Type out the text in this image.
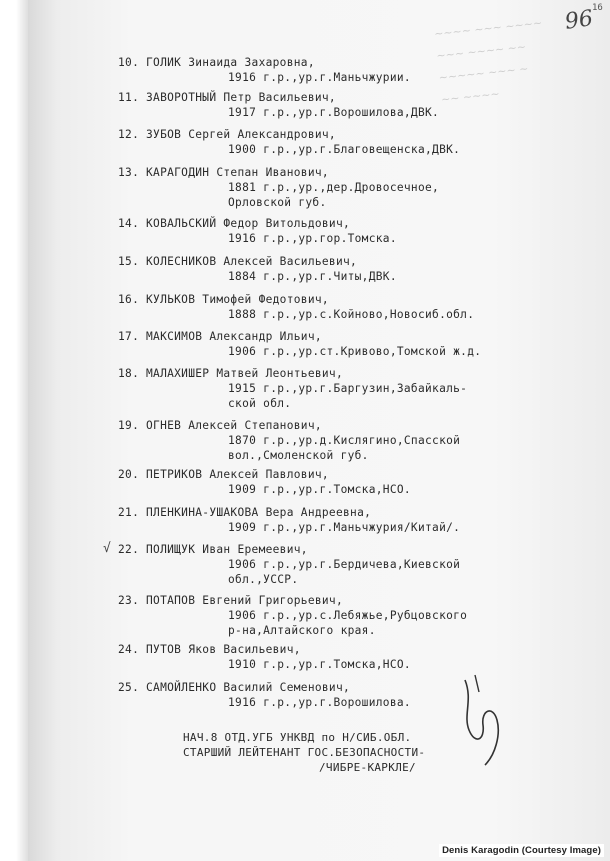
~~~~ ~~~ ~~~~
~~~ ~~~~ ~~
~~~~~ ~~~ ~
~~ ~~~~
96
16
10. ГОЛИК Зинаида Захаровна,
1916 г.р.,ур.г.Маньчжурии.
11. ЗАВОРОТНЫЙ Петр Васильевич,
1917 г.р.,ур.г.Ворошилова,ДВК.
12. ЗУБОВ Сергей Александрович,
1900 г.р.,ур.г.Благовещенска,ДВК.
13. КАРАГОДИН Степан Иванович,
1881 г.р.,ур.,дер.Дровосечное,
Орловской губ.
14. КОВАЛЬСКИЙ Федор Витольдович,
1916 г.р.,ур.гор.Томска.
15. КОЛЕСНИКОВ Алексей Васильевич,
1884 г.р.,ур.г.Читы,ДВК.
16. КУЛЬКОВ Тимофей Федотович,
1888 г.р.,ур.с.Койново,Новосиб.обл.
17. МАКСИМОВ Александр Ильич,
1906 г.р.,ур.ст.Кривово,Томской ж.д.
18. МАЛАХИШЕР Матвей Леонтьевич,
1915 г.р.,ур.г.Баргузин,Забайкаль-
ской обл.
19. ОГНЕВ Алексей Степанович,
1870 г.р.,ур.д.Кислягино,Спасской
вол.,Смоленской губ.
20. ПЕТРИКОВ Алексей Павлович,
1909 г.р.,ур.г.Томска,НСО.
21. ПЛЕНКИНА-УШАКОВА Вера Андреевна,
1909 г.р.,ур.г.Маньчжурия/Китай/.
√ 22. ПОЛИЩУК Иван Еремеевич,
1906 г.р.,ур.г.Бердичева,Киевской
обл.,УССР.
23. ПОТАПОВ Евгений Григорьевич,
1906 г.р.,ур.с.Лебяжье,Рубцовского
р-на,Алтайского края.
24. ПУТОВ Яков Васильевич,
1910 г.р.,ур.г.Томска,НСО.
25. САМОЙЛЕНКО Василий Семенович,
1916 г.р.,ур.г.Ворошилова.
НАЧ.8 ОТД.УГБ УНКВД по Н/СИБ.ОБЛ.
СТАРШИЙ ЛЕЙТЕНАНТ ГОС.БЕЗОПАСНОСТИ-
/ЧИБРЕ-КАРКЛЕ/
Denis Karagodin (Courtesy Image)
